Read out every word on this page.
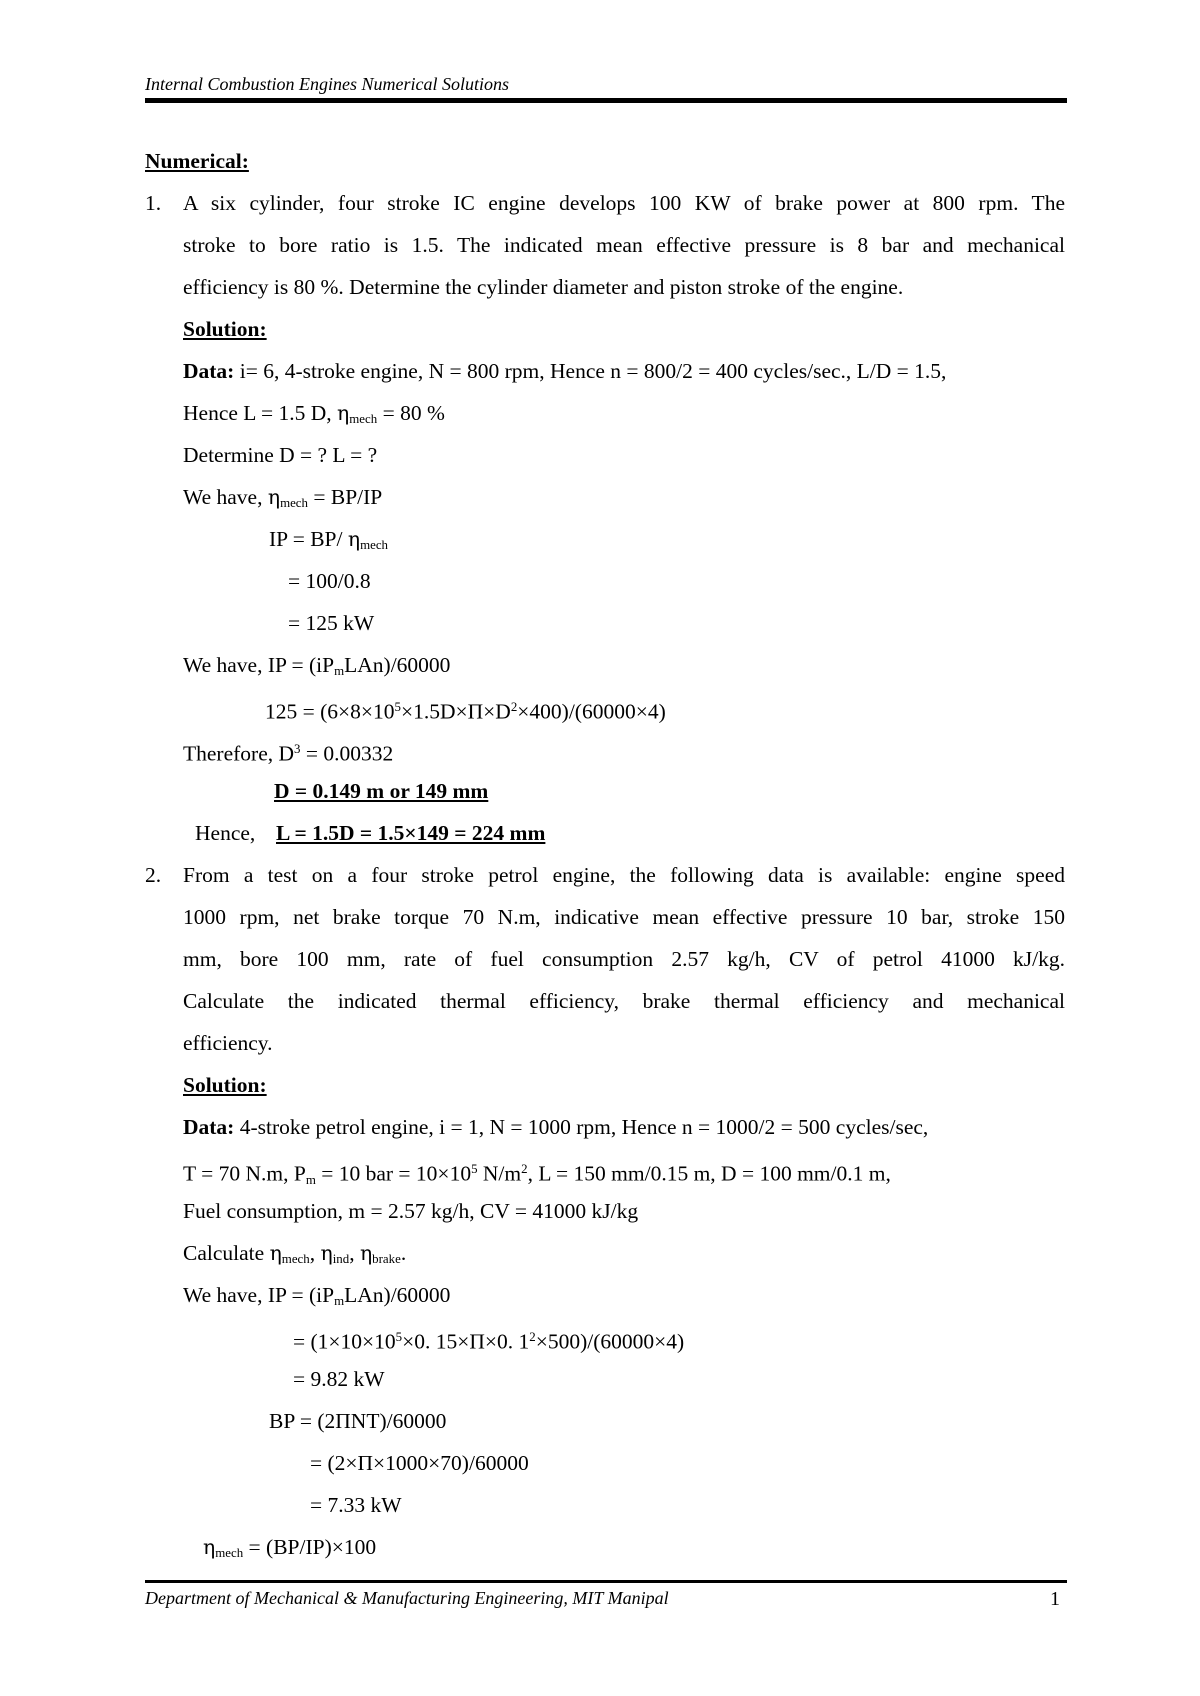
Internal Combustion Engines Numerical Solutions
Numerical:
1. A six cylinder, four stroke IC engine develops 100 KW of brake power at 800 rpm. The
stroke to bore ratio is 1.5. The indicated mean effective pressure is 8 bar and mechanical
efficiency is 80 %. Determine the cylinder diameter and piston stroke of the engine.
Solution:
Data: i= 6, 4-stroke engine, N = 800 rpm, Hence n = 800/2 = 400 cycles/sec., L/D = 1.5,
Hence L = 1.5 D, $\eta_{mech} = 80$ %
Determine D = ? L = ?
We have, $\eta_{mech} = BP/IP$
IP = BP/ $\eta_{mech}$
= 100/0.8
= 125 kW
We have, IP = $(iP_mLAn)/60000$
$125 = (6\times 8\times 10^5\times 1.5D\times\Pi\times D^2\times 400)/(60000\times 4)$
Therefore, $D^3 = 0.00332$
D = 0.149 m or 149 mm
Hence, L = 1.5D = 1.5×149 = 224 mm
2. From a test on a four stroke petrol engine, the following data is available: engine speed
1000 rpm, net brake torque 70 N.m, indicative mean effective pressure 10 bar, stroke 150
mm, bore 100 mm, rate of fuel consumption 2.57 kg/h, CV of petrol 41000 kJ/kg.
Calculate the indicated thermal efficiency, brake thermal efficiency and mechanical
efficiency.
Solution:
Data: 4-stroke petrol engine, i = 1, N = 1000 rpm, Hence n = 1000/2 = 500 cycles/sec,
T = 70 N.m, $P_m = 10$ bar = $10\times 10^5$ $N/m^2$, L = 150 mm/0.15 m, D = 100 mm/0.1 m,
Fuel consumption, m = 2.57 kg/h, CV = 41000 kJ/kg
Calculate $\eta_{mech}$, $\eta_{ind}$, $\eta_{brake}$.
We have, IP = $(iP_mLAn)/60000$
= ($1\times 10\times 10^5\times 0$. 15×Π×0. $1^2\times 500)/(60000\times 4)$
= 9.82 kW
BP = (2ΠNT)/60000
= (2×Π×1000×70)/60000
= 7.33 kW
$\eta_{mech} = (BP/IP)\times 100$
Department of Mechanical & Manufacturing Engineering, MIT Manipal	1
